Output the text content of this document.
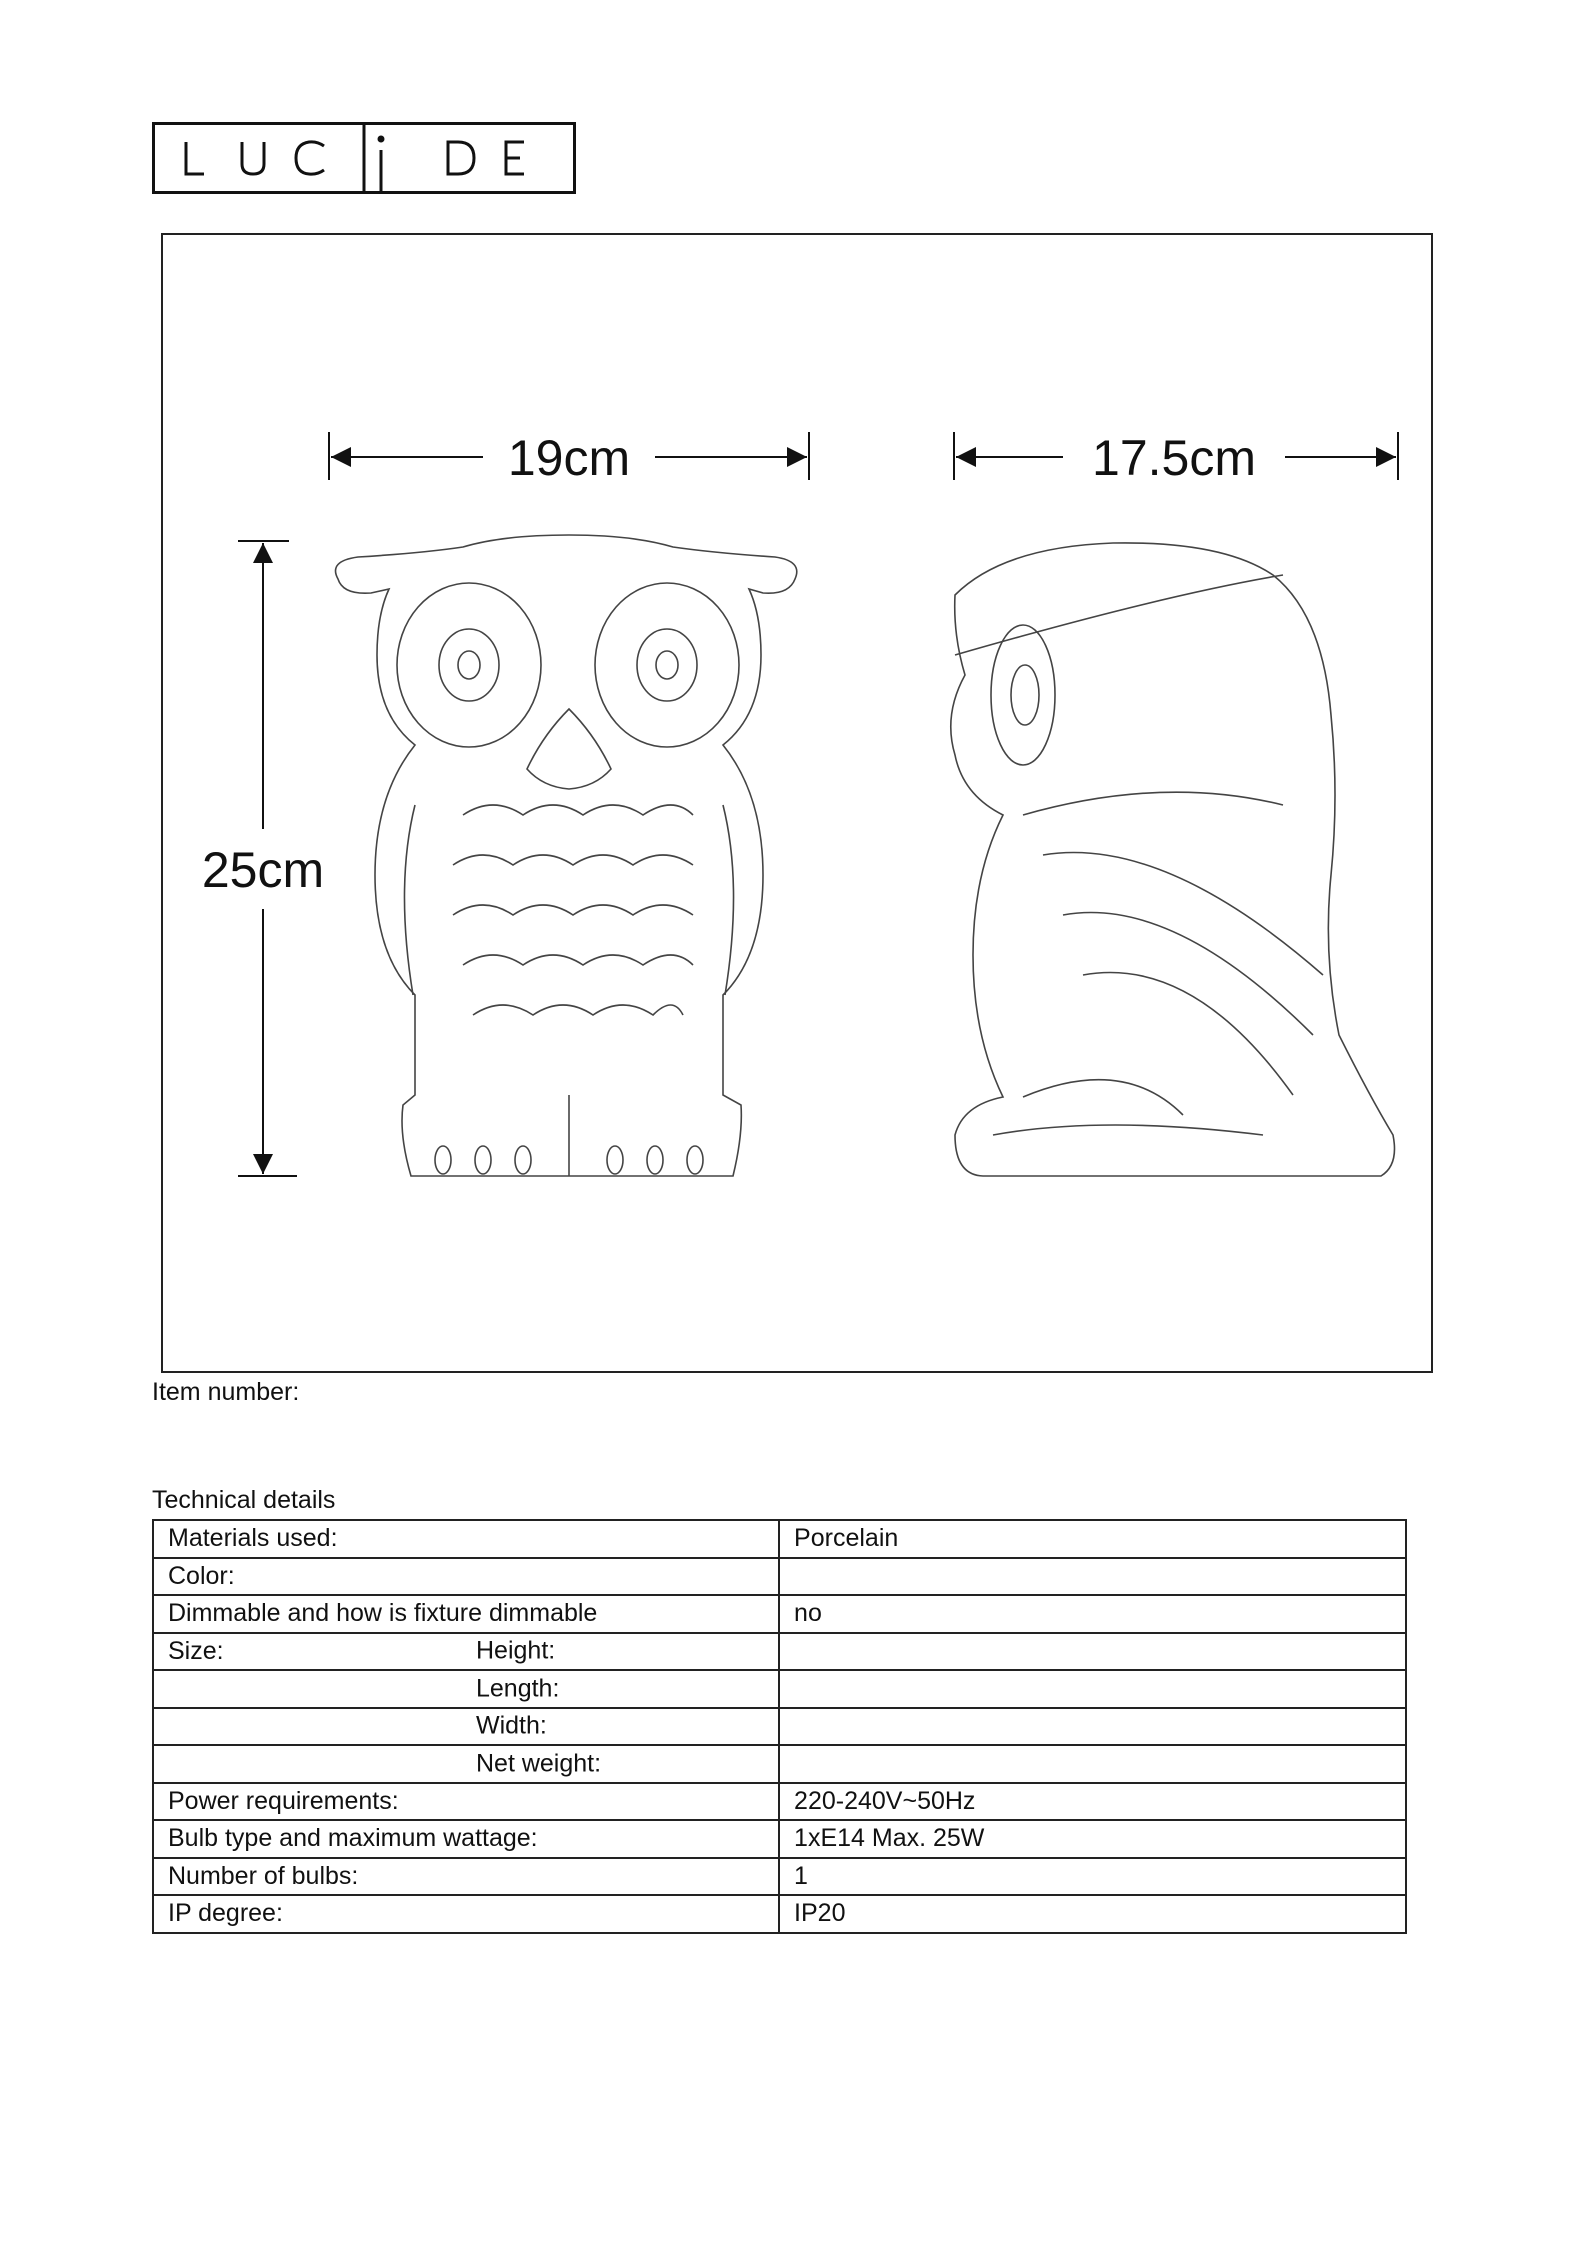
19cm	17.5cm
25cm
Item number:
Technical details
Materials used:	Porcelain
Color:

Dimmable and how is fixture dimmable	no
Size: Height:	

Length:	

Width:	

Net weight:	

Power requirements:	220-240V~50Hz
Bulb type and maximum wattage:	1xE14 Max. 25W
Number of bulbs:	1
IP degree:	IP20
